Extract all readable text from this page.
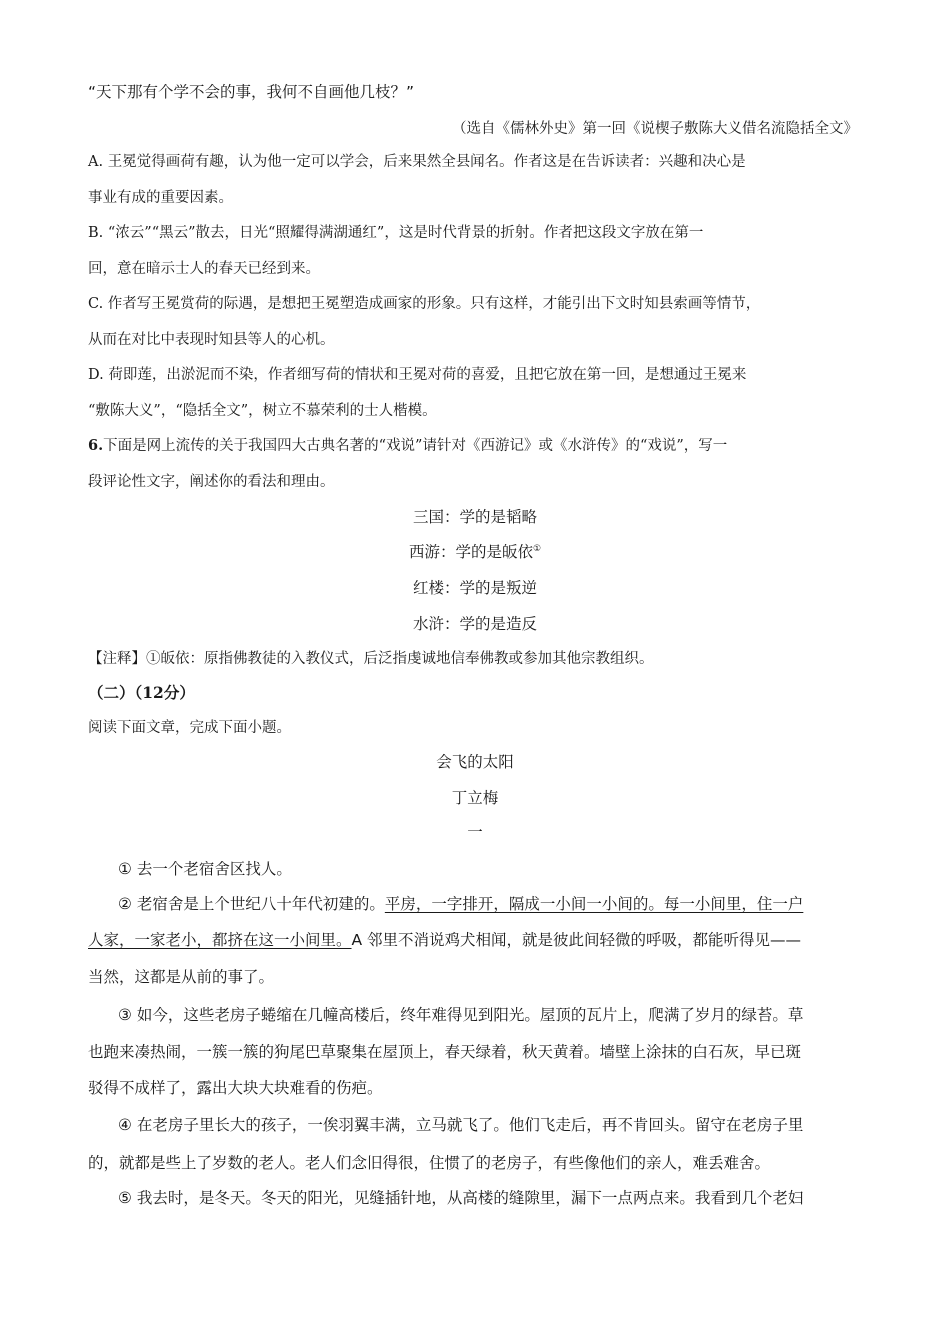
“天下那有个学不会的事，我何不自画他几枝？”
（选自《儒林外史》第一回《说楔子敷陈大义借名流隐括全文》
A. 王冕觉得画荷有趣，认为他一定可以学会，后来果然全县闻名。作者这是在告诉读者：兴趣和决心是
事业有成的重要因素。
B. “浓云”“黑云”散去，日光“照耀得满湖通红”，这是时代背景的折射。作者把这段文字放在第一
回，意在暗示士人的春天已经到来。
C. 作者写王冕赏荷的际遇，是想把王冕塑造成画家的形象。只有这样，才能引出下文时知县索画等情节，
从而在对比中表现时知县等人的心机。
D. 荷即莲，出淤泥而不染，作者细写荷的情状和王冕对荷的喜爱，且把它放在第一回，是想通过王冕来
“敷陈大义”，“隐括全文”，树立不慕荣利的士人楷模。
6.下面是网上流传的关于我国四大古典名著的“戏说”请针对《西游记》或《水浒传》的“戏说”，写一
段评论性文字，阐述你的看法和理由。
三国：学的是韬略
西游：学的是皈依①
红楼：学的是叛逆
水浒：学的是造反
【注释】①皈依：原指佛教徒的入教仪式，后泛指虔诚地信奉佛教或参加其他宗教组织。
（二）（12分）
阅读下面文章，完成下面小题。
会飞的太阳
丁立梅
一
① 去一个老宿舍区找人。
② 老宿舍是上个世纪八十年代初建的。平房，一字排开，隔成一小间一小间的。每一小间里，住一户
人家，一家老小，都挤在这一小间里。A 邻里不消说鸡犬相闻，就是彼此间轻微的呼吸，都能听得见——
当然，这都是从前的事了。
③ 如今，这些老房子蜷缩在几幢高楼后，终年难得见到阳光。屋顶的瓦片上，爬满了岁月的绿苔。草
也跑来凑热闹，一簇一簇的狗尾巴草聚集在屋顶上，春天绿着，秋天黄着。墙壁上涂抹的白石灰，早已斑
驳得不成样了，露出大块大块难看的伤疤。
④ 在老房子里长大的孩子，一俟羽翼丰满，立马就飞了。他们飞走后，再不肯回头。留守在老房子里
的，就都是些上了岁数的老人。老人们念旧得很，住惯了的老房子，有些像他们的亲人，难丢难舍。
⑤ 我去时，是冬天。冬天的阳光，见缝插针地，从高楼的缝隙里，漏下一点两点来。我看到几个老妇
